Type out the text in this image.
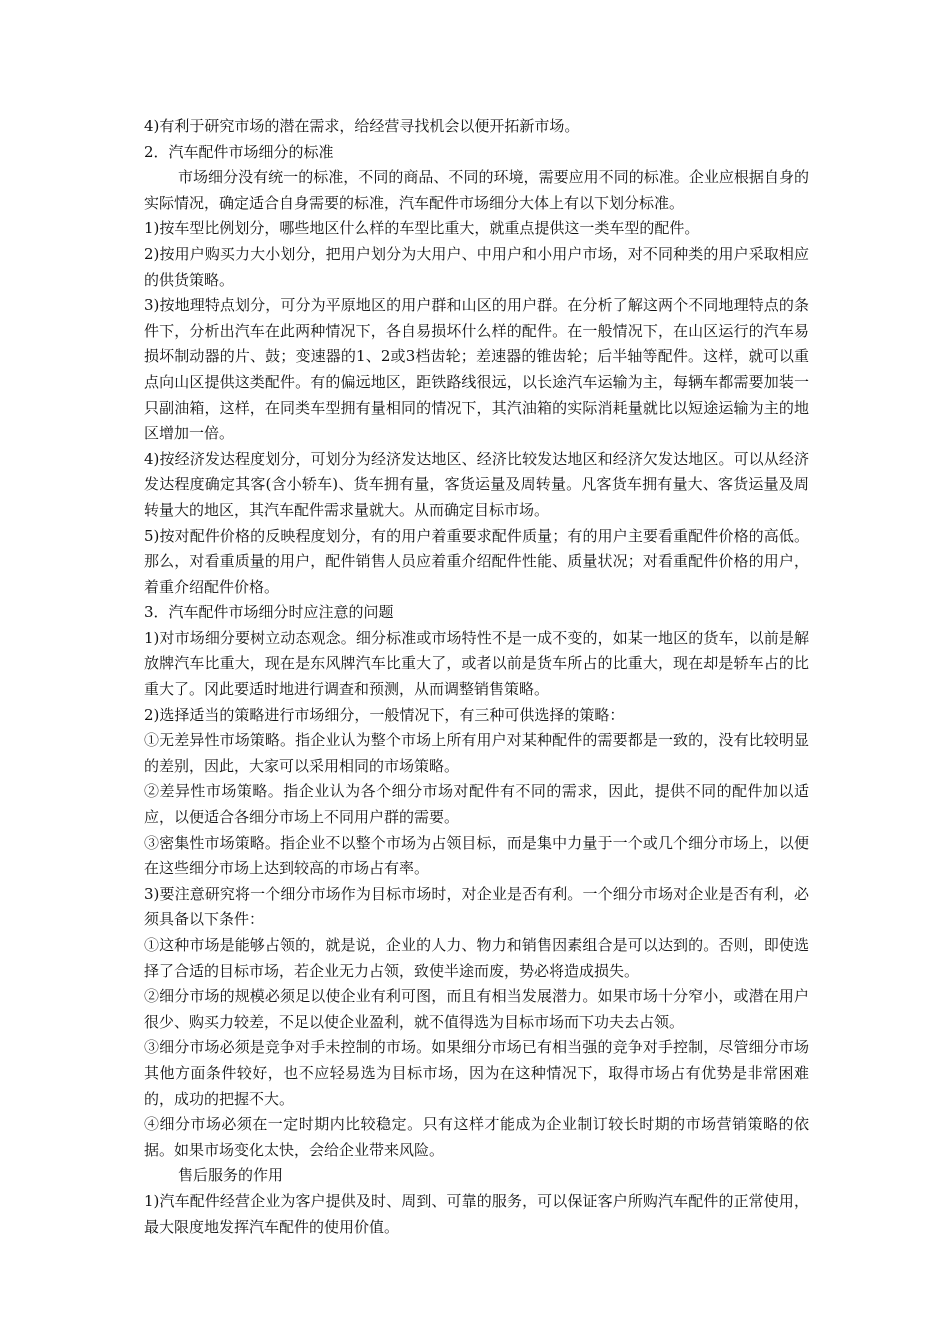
4)有利于研究市场的潜在需求，给经营寻找机会以便开拓新市场。

2．汽车配件市场细分的标准

市场细分没有统一的标准，不同的商品、不同的环境，需要应用不同的标准。企业应根据自身的实际情况，确定适合自身需要的标准，汽车配件市场细分大体上有以下划分标准。

1)按车型比例划分，哪些地区什么样的车型比重大，就重点提供这一类车型的配件。

2)按用户购买力大小划分，把用户划分为大用户、中用户和小用户市场，对不同种类的用户采取相应的供货策略。

3)按地理特点划分，可分为平原地区的用户群和山区的用户群。在分析了解这两个不同地理特点的条件下，分析出汽车在此两种情况下，各自易损坏什么样的配件。在一般情况下，在山区运行的汽车易损坏制动器的片、鼓；变速器的1、2或3档齿轮；差速器的锥齿轮；后半轴等配件。这样，就可以重点向山区提供这类配件。有的偏远地区，距铁路线很远，以长途汽车运输为主，每辆车都需要加装一只副油箱，这样，在同类车型拥有量相同的情况下，其汽油箱的实际消耗量就比以短途运输为主的地区增加一倍。

4)按经济发达程度划分，可划分为经济发达地区、经济比较发达地区和经济欠发达地区。可以从经济发达程度确定其客(含小轿车)、货车拥有量，客货运量及周转量。凡客货车拥有量大、客货运量及周转量大的地区，其汽车配件需求量就大。从而确定目标市场。

5)按对配件价格的反映程度划分，有的用户着重要求配件质量；有的用户主要看重配件价格的高低。那么，对看重质量的用户，配件销售人员应着重介绍配件性能、质量状况；对看重配件价格的用户，着重介绍配件价格。

3．汽车配件市场细分时应注意的问题

1)对市场细分要树立动态观念。细分标准或市场特性不是一成不变的，如某一地区的货车，以前是解放牌汽车比重大，现在是东风牌汽车比重大了，或者以前是货车所占的比重大，现在却是轿车占的比重大了。冈此要适时地进行调查和预测，从而调整销售策略。

2)选择适当的策略进行市场细分，一般情况下，有三种可供选择的策略：

①无差异性市场策略。指企业认为整个市场上所有用户对某种配件的需要都是一致的，没有比较明显的差别，因此，大家可以采用相同的市场策略。

②差异性市场策略。指企业认为各个细分市场对配件有不同的需求，因此，提供不同的配件加以适应，以便适合各细分市场上不同用户群的需要。

③密集性市场策略。指企业不以整个市场为占领目标，而是集中力量于一个或几个细分市场上，以便在这些细分市场上达到较高的市场占有率。

3)要注意研究将一个细分市场作为目标市场时，对企业是否有利。一个细分市场对企业是否有利，必须具备以下条件：

①这种市场是能够占领的，就是说，企业的人力、物力和销售因素组合是可以达到的。否则，即使选择了合适的目标市场，若企业无力占领，致使半途而废，势必将造成损失。

②细分市场的规模必须足以使企业有利可图，而且有相当发展潜力。如果市场十分窄小，或潜在用户很少、购买力较差，不足以使企业盈利，就不值得选为目标市场而下功夫去占领。

③细分市场必须是竞争对手未控制的市场。如果细分市场已有相当强的竞争对手控制，尽管细分市场其他方面条件较好，也不应轻易选为目标市场，因为在这种情况下，取得市场占有优势是非常困难的，成功的把握不大。

④细分市场必须在一定时期内比较稳定。只有这样才能成为企业制订较长时期的市场营销策略的依据。如果市场变化太快，会给企业带来风险。

售后服务的作用

1)汽车配件经营企业为客户提供及时、周到、可靠的服务，可以保证客户所购汽车配件的正常使用，最大限度地发挥汽车配件的使用价值。
